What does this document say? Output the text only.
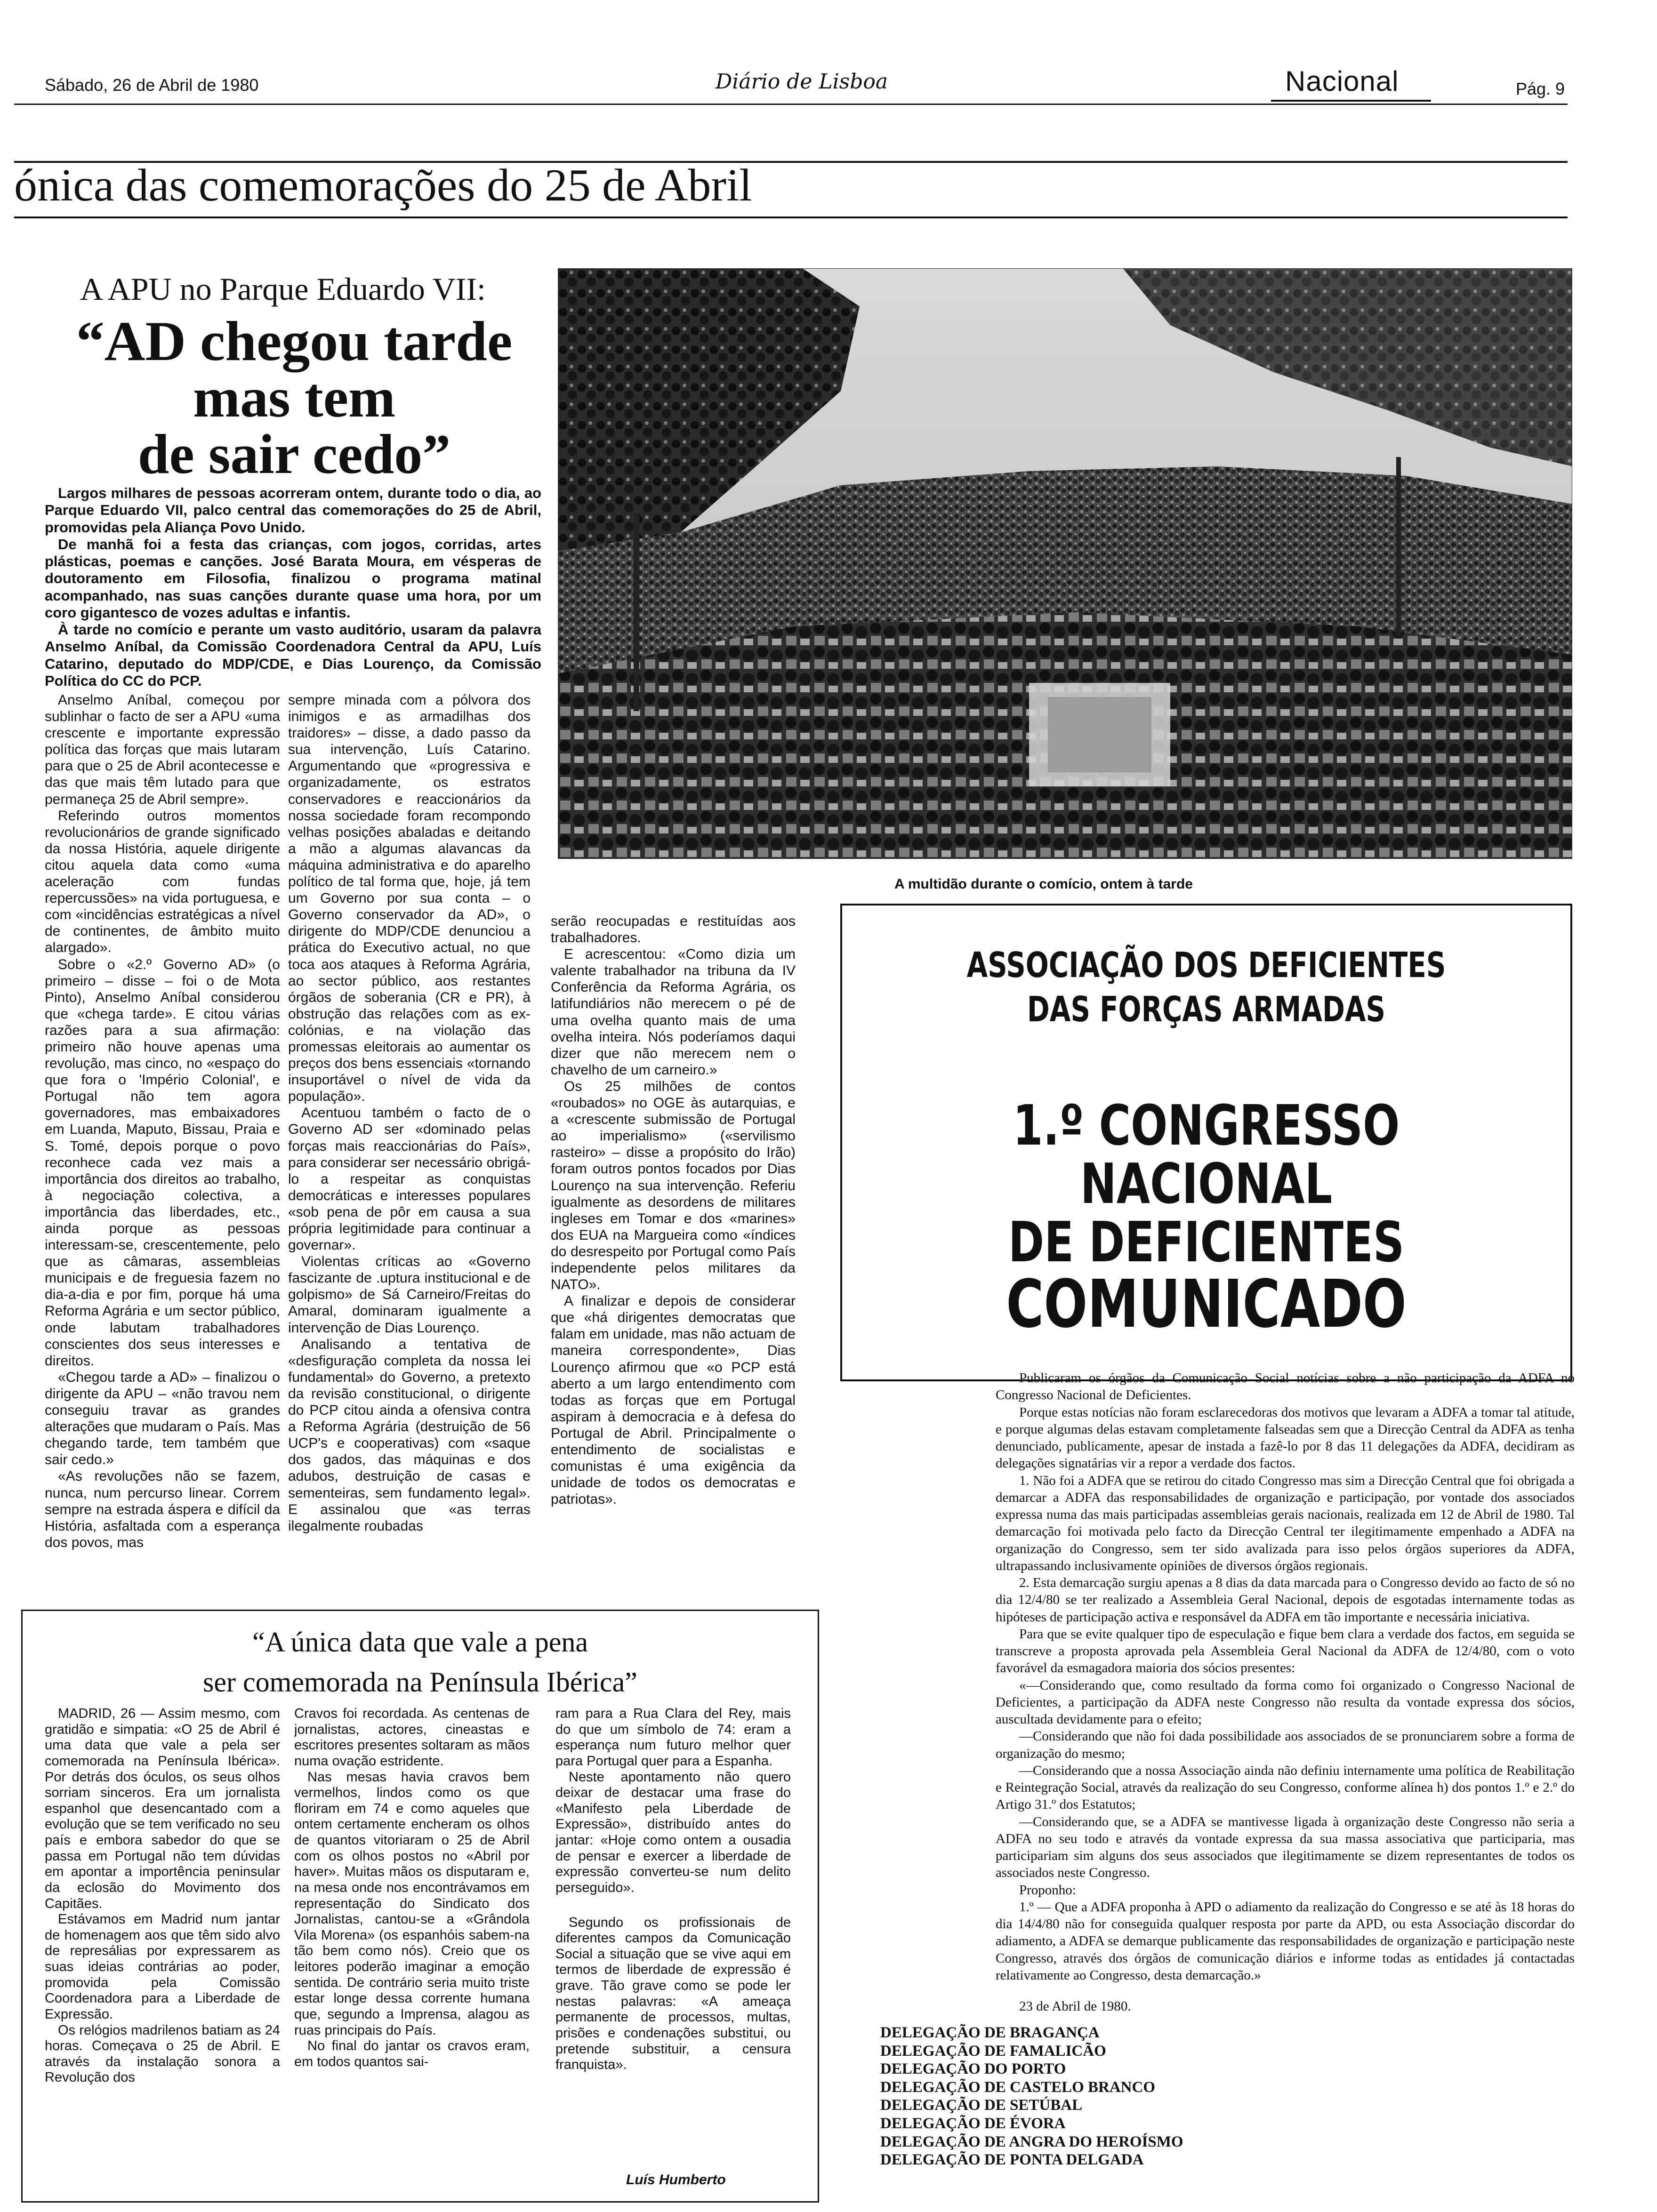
Sábado, 26 de Abril de 1980	Diário de Lisboa	Nacional	Pág. 9
ónica das comemorações do 25 de Abril
A APU no Parque Eduardo VII:
“AD chegou tarde
mas tem
de sair cedo”

Largos milhares de pessoas acorreram ontem, durante todo o dia, ao Parque Eduardo VII, palco central das comemorações do 25 de Abril, promovidas pela Aliança Povo Unido.

De manhã foi a festa das crianças, com jogos, corridas, artes plásticas, poemas e canções. José Barata Moura, em vésperas de doutoramento em Filosofia, finalizou o programa matinal acompanhado, nas suas canções durante quase uma hora, por um coro gigantesco de vozes adultas e infantis.

À tarde no comício e perante um vasto auditório, usaram da palavra Anselmo Aníbal, da Comissão Coordenadora Central da APU, Luís Catarino, deputado do MDP/CDE, e Dias Lourenço, da Comissão Política do CC do PCP.

Anselmo Aníbal, começou por sublinhar o facto de ser a APU «uma crescente e importante expressão política das forças que mais lutaram para que o 25 de Abril acontecesse e das que mais têm lutado para que permaneça 25 de Abril sempre».

Referindo outros momentos revolucionários de grande significado da nossa História, aquele dirigente citou aquela data como «uma aceleração com fundas repercussões» na vida portuguesa, e com «incidências estratégicas a nível de continentes, de âmbito muito alargado».

Sobre o «2.º Governo AD» (o primeiro – disse – foi o de Mota Pinto), Anselmo Aníbal considerou que «chega tarde». E citou várias razões para a sua afirmação: primeiro não houve apenas uma revolução, mas cinco, no «espaço do que fora o 'Império Colonial', e Portugal não tem agora governadores, mas embaixadores em Luanda, Maputo, Bissau, Praia e S. Tomé, depois porque o povo reconhece cada vez mais a importância dos direitos ao trabalho, à negociação colectiva, a importância das liberdades, etc., ainda porque as pessoas interessam-se, crescentemente, pelo que as câmaras, assembleias municipais e de freguesia fazem no dia-a-dia e por fim, porque há uma Reforma Agrária e um sector público, onde labutam trabalhadores conscientes dos seus interesses e direitos.

«Chegou tarde a AD» – finalizou o dirigente da APU – «não travou nem conseguiu travar as grandes alterações que mudaram o País. Mas chegando tarde, tem também que sair cedo.»

«As revoluções não se fazem, nunca, num percurso linear. Correm sempre na estrada áspera e difícil da História, asfaltada com a esperança dos povos, mas

sempre minada com a pólvora dos inimigos e as armadilhas dos traidores» – disse, a dado passo da sua intervenção, Luís Catarino. Argumentando que «progressiva e organizadamente, os estratos conservadores e reaccionários da nossa sociedade foram recompondo velhas posições abaladas e deitando a mão a algumas alavancas da máquina administrativa e do aparelho político de tal forma que, hoje, já tem um Governo por sua conta – o Governo conservador da AD», o dirigente do MDP/CDE denunciou a prática do Executivo actual, no que toca aos ataques à Reforma Agrária, ao sector público, aos restantes órgãos de soberania (CR e PR), à obstrução das relações com as ex-colónias, e na violação das promessas eleitorais ao aumentar os preços dos bens essenciais «tornando insuportável o nível de vida da população».

Acentuou também o facto de o Governo AD ser «dominado pelas forças mais reaccionárias do País», para considerar ser necessário obrigá-lo a respeitar as conquistas democráticas e interesses populares «sob pena de pôr em causa a sua própria legitimidade para continuar a governar».

Violentas críticas ao «Governo fascizante de .uptura institucional e de golpismo» de Sá Carneiro/Freitas do Amaral, dominaram igualmente a intervenção de Dias Lourenço.

Analisando a tentativa de «desfiguração completa da nossa lei fundamental» do Governo, a pretexto da revisão constitucional, o dirigente do PCP citou ainda a ofensiva contra a Reforma Agrária (destruição de 56 UCP's e cooperativas) com «saque dos gados, das máquinas e dos adubos, destruição de casas e sementeiras, sem fundamento legal». E assinalou que «as terras ilegalmente roubadas

serão reocupadas e restituídas aos trabalhadores.

E acrescentou: «Como dizia um valente trabalhador na tribuna da IV Conferência da Reforma Agrária, os latifundiários não merecem o pé de uma ovelha quanto mais de uma ovelha inteira. Nós poderíamos daqui dizer que não merecem nem o chavelho de um carneiro.»

Os 25 milhões de contos «roubados» no OGE às autarquias, e a «crescente submissão de Portugal ao imperialismo» («servilismo rasteiro» – disse a propósito do Irão) foram outros pontos focados por Dias Lourenço na sua intervenção. Referiu igualmente as desordens de militares ingleses em Tomar e dos «marines» dos EUA na Margueira como «índices do desrespeito por Portugal como País independente pelos militares da NATO».

A finalizar e depois de considerar que «há dirigentes democratas que falam em unidade, mas não actuam de maneira correspondente», Dias Lourenço afirmou que «o PCP está aberto a um largo entendimento com todas as forças que em Portugal aspiram à democracia e à defesa do Portugal de Abril. Principalmente o entendimento de socialistas e comunistas é uma exigência da unidade de todos os democratas e patriotas».

A multidão durante o comício, ontem à tarde
ASSOCIAÇÃO DOS DEFICIENTES
DAS FORÇAS ARMADAS
1.º CONGRESSO NACIONAL
DE DEFICIENTES
COMUNICADO

Publicaram os órgãos da Comunicação Social notícias sobre a não participação da ADFA no Congresso Nacional de Deficientes.

Porque estas notícias não foram esclarecedoras dos motivos que levaram a ADFA a tomar tal atitude, e porque algumas delas estavam completamente falseadas sem que a Direcção Central da ADFA as tenha denunciado, publicamente, apesar de instada a fazê-lo por 8 das 11 delegações da ADFA, decidiram as delegações signatárias vir a repor a verdade dos factos.

1. Não foi a ADFA que se retirou do citado Congresso mas sim a Direcção Central que foi obrigada a demarcar a ADFA das responsabilidades de organização e participação, por vontade dos associados expressa numa das mais participadas assembleias gerais nacionais, realizada em 12 de Abril de 1980. Tal demarcação foi motivada pelo facto da Direcção Central ter ilegitimamente empenhado a ADFA na organização do Congresso, sem ter sido avalizada para isso pelos órgãos superiores da ADFA, ultrapassando inclusivamente opiniões de diversos órgãos regionais.

2. Esta demarcação surgiu apenas a 8 dias da data marcada para o Congresso devido ao facto de só no dia 12/4/80 se ter realizado a Assembleia Geral Nacional, depois de esgotadas internamente todas as hipóteses de participação activa e responsável da ADFA em tão importante e necessária iniciativa.

Para que se evite qualquer tipo de especulação e fique bem clara a verdade dos factos, em seguida se transcreve a proposta aprovada pela Assembleia Geral Nacional da ADFA de 12/4/80, com o voto favorável da esmagadora maioria dos sócios presentes:

«—Considerando que, como resultado da forma como foi organizado o Congresso Nacional de Deficientes, a participação da ADFA neste Congresso não resulta da vontade expressa dos sócios, auscultada devidamente para o efeito;

—Considerando que não foi dada possibilidade aos associados de se pronunciarem sobre a forma de organização do mesmo;

—Considerando que a nossa Associação ainda não definiu internamente uma política de Reabilitação e Reintegração Social, através da realização do seu Congresso, conforme alínea h) dos pontos 1.º e 2.º do Artigo 31.º dos Estatutos;

—Considerando que, se a ADFA se mantivesse ligada à organização deste Congresso não seria a ADFA no seu todo e através da vontade expressa da sua massa associativa que participaria, mas participariam sim alguns dos seus associados que ilegitimamente se dizem representantes de todos os associados neste Congresso.

Proponho:

1.º — Que a ADFA proponha à APD o adiamento da realização do Congresso e se até às 18 horas do dia 14/4/80 não for conseguida qualquer resposta por parte da APD, ou esta Associação discordar do adiamento, a ADFA se demarque publicamente das responsabilidades de organização e participação neste Congresso, através dos órgãos de comunicação diários e informe todas as entidades já contactadas relativamente ao Congresso, desta demarcação.»

23 de Abril de 1980.

DELEGAÇÃO DE BRAGANÇA
DELEGAÇÃO DE FAMALICÃO
DELEGAÇÃO DO PORTO
DELEGAÇÃO DE CASTELO BRANCO
DELEGAÇÃO DE SETÚBAL
DELEGAÇÃO DE ÉVORA
DELEGAÇÃO DE ANGRA DO HEROÍSMO
DELEGAÇÃO DE PONTA DELGADA
“A única data que vale a pena
ser comemorada na Península Ibérica”

MADRID, 26 — Assim mesmo, com gratidão e simpatia: «O 25 de Abril é uma data que vale a pela ser comemorada na Península Ibérica». Por detrás dos óculos, os seus olhos sorriam sinceros. Era um jornalista espanhol que desencantado com a evolução que se tem verificado no seu país e embora sabedor do que se passa em Portugal não tem dúvidas em apontar a importência peninsular da eclosão do Movimento dos Capitães.

Estávamos em Madrid num jantar de homenagem aos que têm sido alvo de represálias por expressarem as suas ideias contrárias ao poder, promovida pela Comissão Coordenadora para a Liberdade de Expressão.

Os relógios madrilenos batiam as 24 horas. Começava o 25 de Abril. E através da instalação sonora a Revolução dos

Cravos foi recordada. As centenas de jornalistas, actores, cineastas e escritores presentes soltaram as mãos numa ovação estridente.

Nas mesas havia cravos bem vermelhos, lindos como os que floriram em 74 e como aqueles que ontem certamente encheram os olhos de quantos vitoriaram o 25 de Abril com os olhos postos no «Abril por haver». Muitas mãos os disputaram e, na mesa onde nos encontrávamos em representação do Sindicato dos Jornalistas, cantou-se a «Grândola Vila Morena» (os espanhóis sabem-na tão bem como nós). Creio que os leitores poderão imaginar a emoção sentida. De contrário seria muito triste estar longe dessa corrente humana que, segundo a Imprensa, alagou as ruas principais do País.

No final do jantar os cravos eram, em todos quantos sai-

ram para a Rua Clara del Rey, mais do que um símbolo de 74: eram a esperança num futuro melhor quer para Portugal quer para a Espanha.

Neste apontamento não quero deixar de destacar uma frase do «Manifesto pela Liberdade de Expressão», distribuído antes do jantar: «Hoje como ontem a ousadia de pensar e exercer a liberdade de expressão converteu-se num delito perseguido».

Segundo os profissionais de diferentes campos da Comunicação Social a situação que se vive aqui em termos de liberdade de expressão é grave. Tão grave como se pode ler nestas palavras: «A ameaça permanente de processos, multas, prisões e condenações substitui, ou pretende substituir, a censura franquista».

Luís Humberto
